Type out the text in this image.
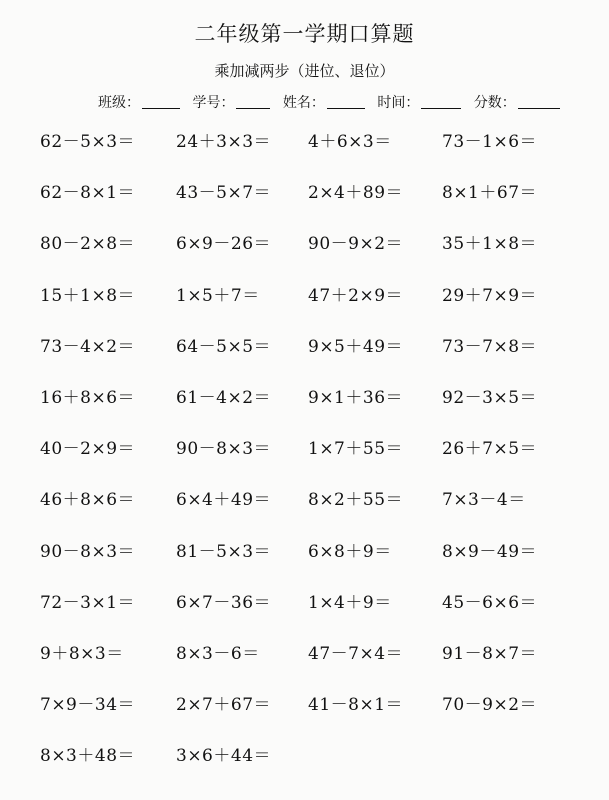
二年级第一学期口算题
乘加减两步（进位、退位）
班级：	学号：	姓名：	时间：	分数：
62－5×3＝	24＋3×3＝	4＋6×3＝	73－1×6＝
62－8×1＝	43－5×7＝	2×4＋89＝	8×1＋67＝
80－2×8＝	6×9－26＝	90－9×2＝	35＋1×8＝
15＋1×8＝	1×5＋7＝	47＋2×9＝	29＋7×9＝
73－4×2＝	64－5×5＝	9×5＋49＝	73－7×8＝
16＋8×6＝	61－4×2＝	9×1＋36＝	92－3×5＝
40－2×9＝	90－8×3＝	1×7＋55＝	26＋7×5＝
46＋8×6＝	6×4＋49＝	8×2＋55＝	7×3－4＝
90－8×3＝	81－5×3＝	6×8＋9＝	8×9－49＝
72－3×1＝	6×7－36＝	1×4＋9＝	45－6×6＝
9＋8×3＝	8×3－6＝	47－7×4＝	91－8×7＝
7×9－34＝	2×7＋67＝	41－8×1＝	70－9×2＝
8×3＋48＝	3×6＋44＝
